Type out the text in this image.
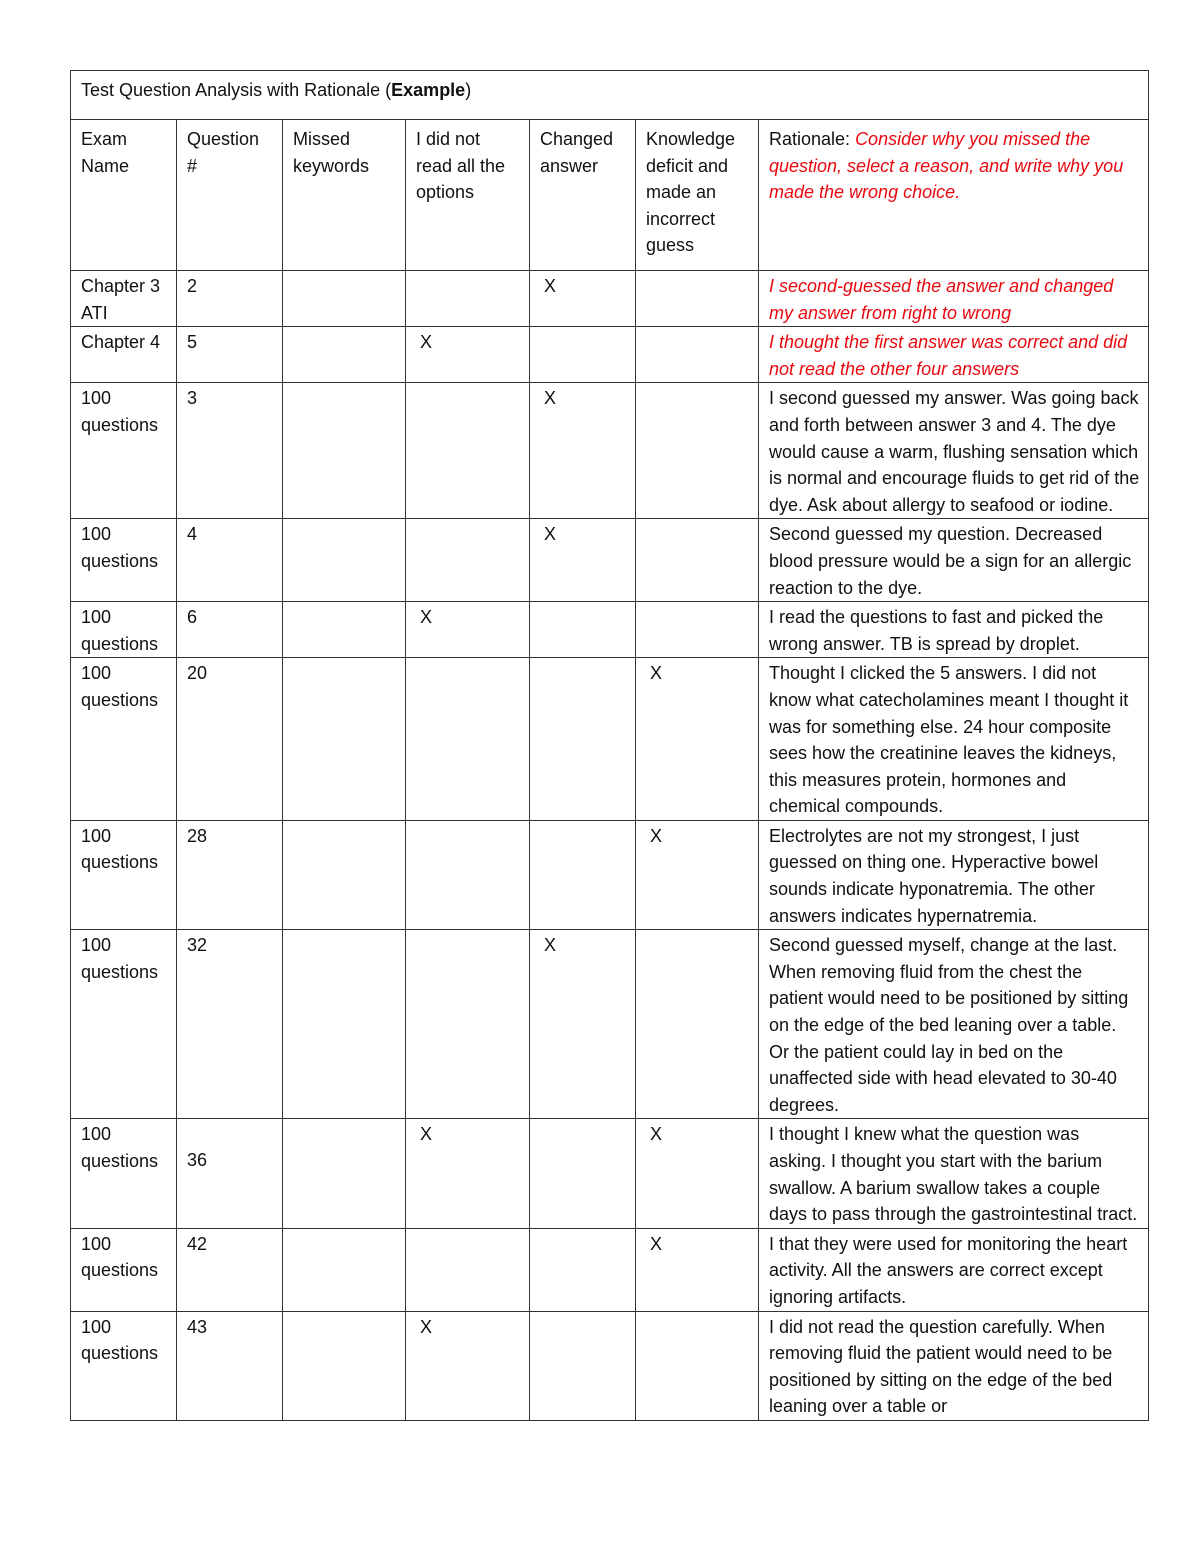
Test Question Analysis with Rationale (Example)						
Exam Name	Question #	Missed keywords	I did not read all the options	Changed answer	Knowledge deficit and made an incorrect guess	Rationale: Consider why you missed the question, select a reason, and write why you made the wrong choice.
Chapter 3 ATI	2			X		I second-guessed the answer and changed my answer from right to wrong
Chapter 4	5		X			I thought the first answer was correct and did not read the other four answers
100 questions	3			X		I second guessed my answer. Was going back and forth between answer 3 and 4. The dye would cause a warm, flushing sensation which is normal and encourage fluids to get rid of the dye. Ask about allergy to seafood or iodine.
100 questions	4			X		Second guessed my question. Decreased blood pressure would be a sign for an allergic reaction to the dye.
100 questions	6		X			I read the questions to fast and picked the wrong answer. TB is spread by droplet.
100 questions	20				X	Thought I clicked the 5 answers. I did not know what catecholamines meant I thought it was for something else. 24 hour composite sees how the creatinine leaves the kidneys, this measures protein, hormones and chemical compounds.
100 questions	28				X	Electrolytes are not my strongest, I just guessed on thing one. Hyperactive bowel sounds indicate hyponatremia. The other answers indicates hypernatremia.
100 questions	32			X		Second guessed myself, change at the last. When removing fluid from the chest the patient would need to be positioned by sitting on the edge of the bed leaning over a table. Or the patient could lay in bed on the unaffected side with head elevated to 30-40 degrees.
100 questions	36		X		X	I thought I knew what the question was asking. I thought you start with the barium swallow. A barium swallow takes a couple days to pass through the gastrointestinal tract.
100 questions	42				X	I that they were used for monitoring the heart activity. All the answers are correct except ignoring artifacts.
100 questions	43		X			I did not read the question carefully. When removing fluid the patient would need to be positioned by sitting on the edge of the bed leaning over a table or
